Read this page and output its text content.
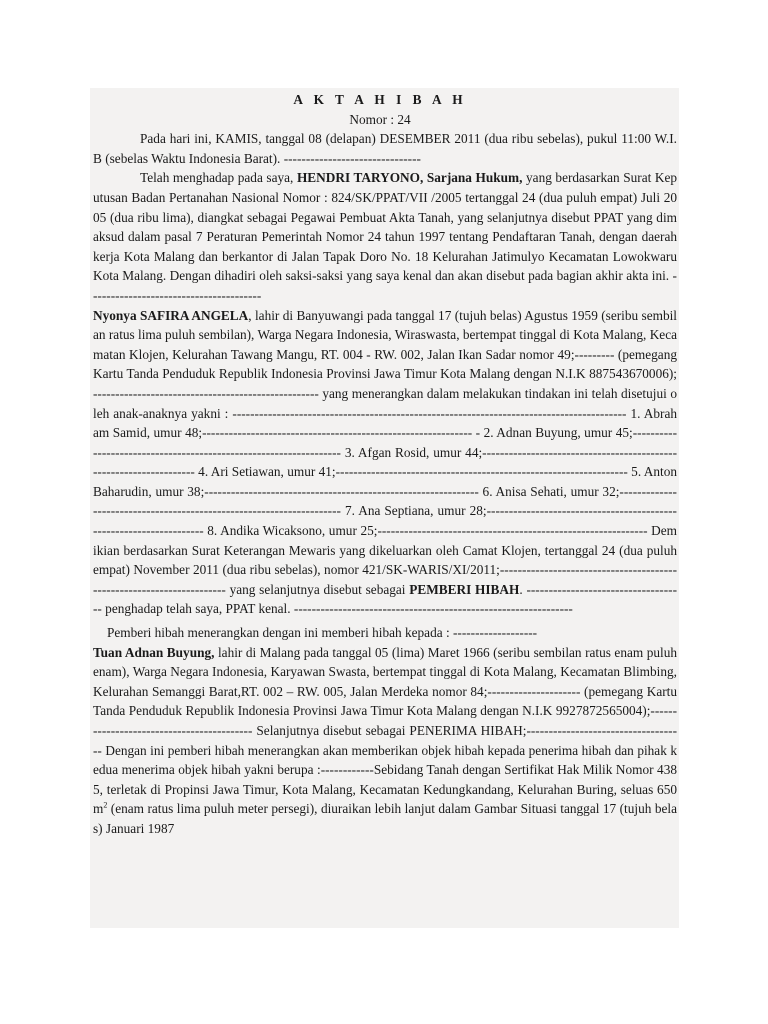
A K T A H I B A H
Nomor : 24

Pada hari ini, KAMIS, tanggal 08 (delapan) DESEMBER 2011 (dua ribu sebelas), pukul 11:00 W.I.B (sebelas Waktu Indonesia Barat). -------------------------------

Telah menghadap pada saya, HENDRI TARYONO, Sarjana Hukum, yang berdasarkan Surat Keputusan Badan Pertanahan Nasional Nomor : 824/SK/PPAT/VII /2005 tertanggal 24 (dua puluh empat) Juli 2005 (dua ribu lima), diangkat sebagai Pegawai Pembuat Akta Tanah, yang selanjutnya disebut PPAT yang dimaksud dalam pasal 7 Peraturan Pemerintah Nomor 24 tahun 1997 tentang Pendaftaran Tanah, dengan daerah kerja Kota Malang dan berkantor di Jalan Tapak Doro No. 18 Kelurahan Jatimulyo Kecamatan Lowokwaru Kota Malang. Dengan dihadiri oleh saksi-saksi yang saya kenal dan akan disebut pada bagian akhir akta ini. ---------------------------------------

Nyonya SAFIRA ANGELA, lahir di Banyuwangi pada tanggal 17 (tujuh belas) Agustus 1959 (seribu sembilan ratus lima puluh sembilan), Warga Negara Indonesia, Wiraswasta, bertempat tinggal di Kota Malang, Kecamatan Klojen, Kelurahan Tawang Mangu, RT. 004 - RW. 002, Jalan Ikan Sadar nomor 49;--------- (pemegang Kartu Tanda Penduduk Republik Indonesia Provinsi Jawa Timur Kota Malang dengan N.I.K 887543670006); --------------------------------------------------- yang menerangkan dalam melakukan tindakan ini telah disetujui oleh anak-anaknya yakni : ----------------------------------------------------------------------------------------- 1. Abraham Samid, umur 48;------------------------------------------------------------- - 2. Adnan Buyung, umur 45;------------------------------------------------------------------ 3. Afgan Rosid, umur 44;------------------------------------------------------------------- 4. Ari Setiawan, umur 41;------------------------------------------------------------------ 5. Anton Baharudin, umur 38;-------------------------------------------------------------- 6. Anisa Sehati, umur 32;--------------------------------------------------------------------- 7. Ana Septiana, umur 28;-------------------------------------------------------------------- 8. Andika Wicaksono, umur 25;------------------------------------------------------------- Demikian berdasarkan Surat Keterangan Mewaris yang dikeluarkan oleh Camat Klojen, tertanggal 24 (dua puluh empat) November 2011 (dua ribu sebelas), nomor 421/SK-WARIS/XI/2011;---------------------------------------------------------------------- yang selanjutnya disebut sebagai PEMBERI HIBAH. ------------------------------------ penghadap telah saya, PPAT kenal. ---------------------------------------------------------------

Pemberi hibah menerangkan dengan ini memberi hibah kepada : -------------------

Tuan Adnan Buyung, lahir di Malang pada tanggal 05 (lima) Maret 1966 (seribu sembilan ratus enam puluh enam), Warga Negara Indonesia, Karyawan Swasta, bertempat tinggal di Kota Malang, Kecamatan Blimbing, Kelurahan Semanggi Barat,RT. 002 – RW. 005, Jalan Merdeka nomor 84;--------------------- (pemegang Kartu Tanda Penduduk Republik Indonesia Provinsi Jawa Timur Kota Malang dengan N.I.K 9927872565004);------------------------------------------ Selanjutnya disebut sebagai PENERIMA HIBAH;------------------------------------ Dengan ini pemberi hibah menerangkan akan memberikan objek hibah kepada penerima hibah dan pihak kedua menerima objek hibah yakni berupa :------------Sebidang Tanah dengan Sertifikat Hak Milik Nomor 4385, terletak di Propinsi Jawa Timur, Kota Malang, Kecamatan Kedungkandang, Kelurahan Buring, seluas 650 $m^2$ (enam ratus lima puluh meter persegi), diuraikan lebih lanjut dalam Gambar Situasi tanggal 17 (tujuh belas) Januari 1987
